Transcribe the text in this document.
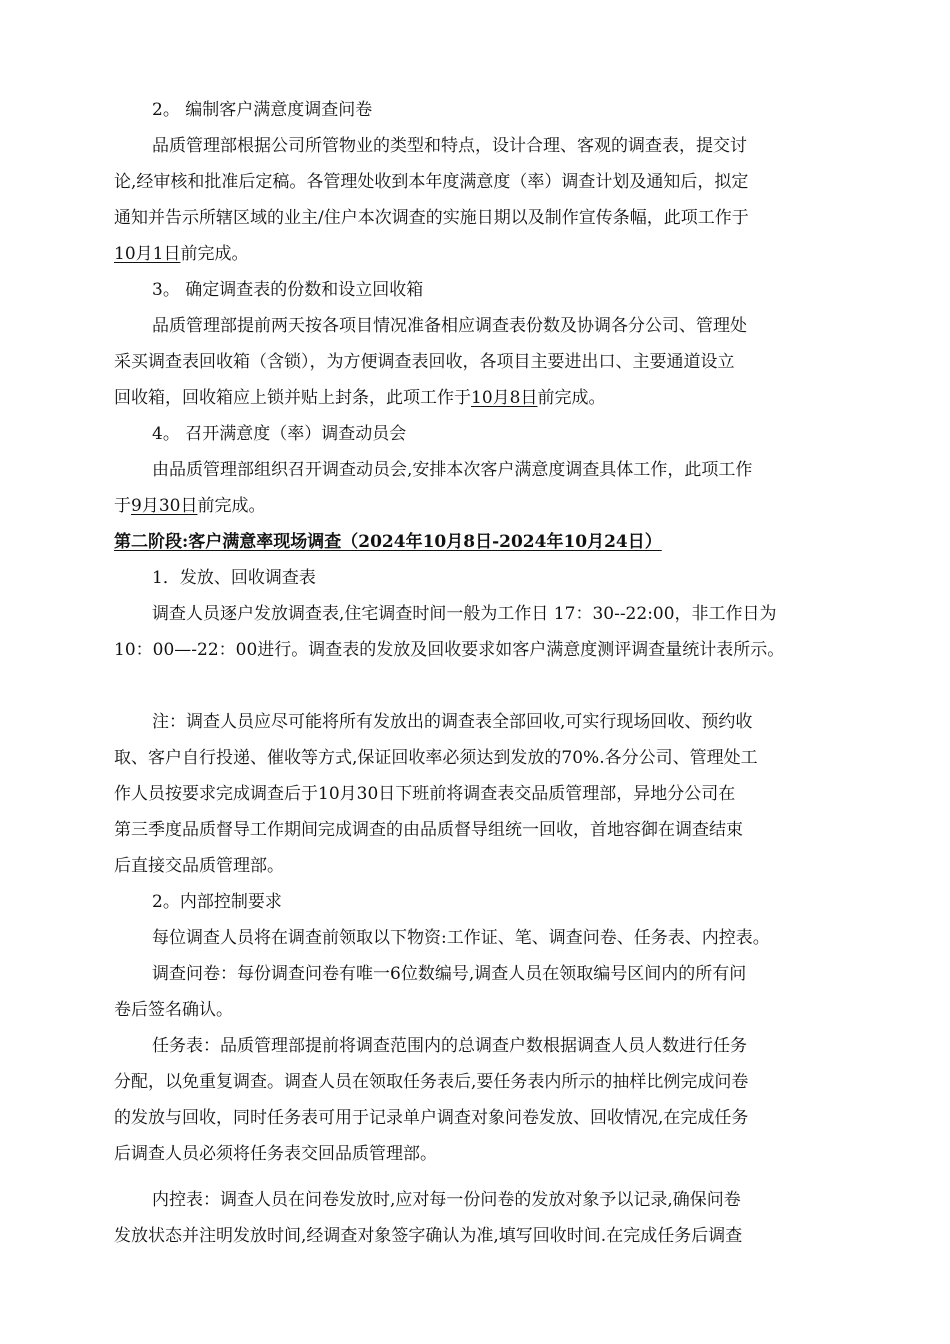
2。 编制客户满意度调查问卷
品质管理部根据公司所管物业的类型和特点，设计合理、客观的调查表，提交讨
论,经审核和批准后定稿。各管理处收到本年度满意度（率）调查计划及通知后，拟定
通知并告示所辖区域的业主/住户本次调查的实施日期以及制作宣传条幅，此项工作于
10月1日前完成。
3。 确定调查表的份数和设立回收箱
品质管理部提前两天按各项目情况准备相应调查表份数及协调各分公司、管理处
采买调查表回收箱（含锁），为方便调查表回收，各项目主要进出口、主要通道设立
回收箱，回收箱应上锁并贴上封条，此项工作于10月8日前完成。
4。 召开满意度（率）调查动员会
由品质管理部组织召开调查动员会,安排本次客户满意度调查具体工作，此项工作
于9月30日前完成。
第二阶段:客户满意率现场调查（2024年10月8日-2024年10月24日）
1．发放、回收调查表
调查人员逐户发放调查表,住宅调查时间一般为工作日 17：30--22:00，非工作日为
10：00—-22：00进行。调查表的发放及回收要求如客户满意度测评调查量统计表所示。
注：调查人员应尽可能将所有发放出的调查表全部回收,可实行现场回收、预约收
取、客户自行投递、催收等方式,保证回收率必须达到发放的70%.各分公司、管理处工
作人员按要求完成调查后于10月30日下班前将调查表交品质管理部，异地分公司在
第三季度品质督导工作期间完成调查的由品质督导组统一回收，首地容御在调查结束
后直接交品质管理部。
2。内部控制要求
每位调查人员将在调查前领取以下物资:工作证、笔、调查问卷、任务表、内控表。
调查问卷：每份调查问卷有唯一6位数编号,调查人员在领取编号区间内的所有问
卷后签名确认。
任务表：品质管理部提前将调查范围内的总调查户数根据调查人员人数进行任务
分配，以免重复调查。调查人员在领取任务表后,要任务表内所示的抽样比例完成问卷
的发放与回收，同时任务表可用于记录单户调查对象问卷发放、回收情况,在完成任务
后调查人员必须将任务表交回品质管理部。
内控表：调查人员在问卷发放时,应对每一份问卷的发放对象予以记录,确保问卷
发放状态并注明发放时间,经调查对象签字确认为准,填写回收时间.在完成任务后调查
